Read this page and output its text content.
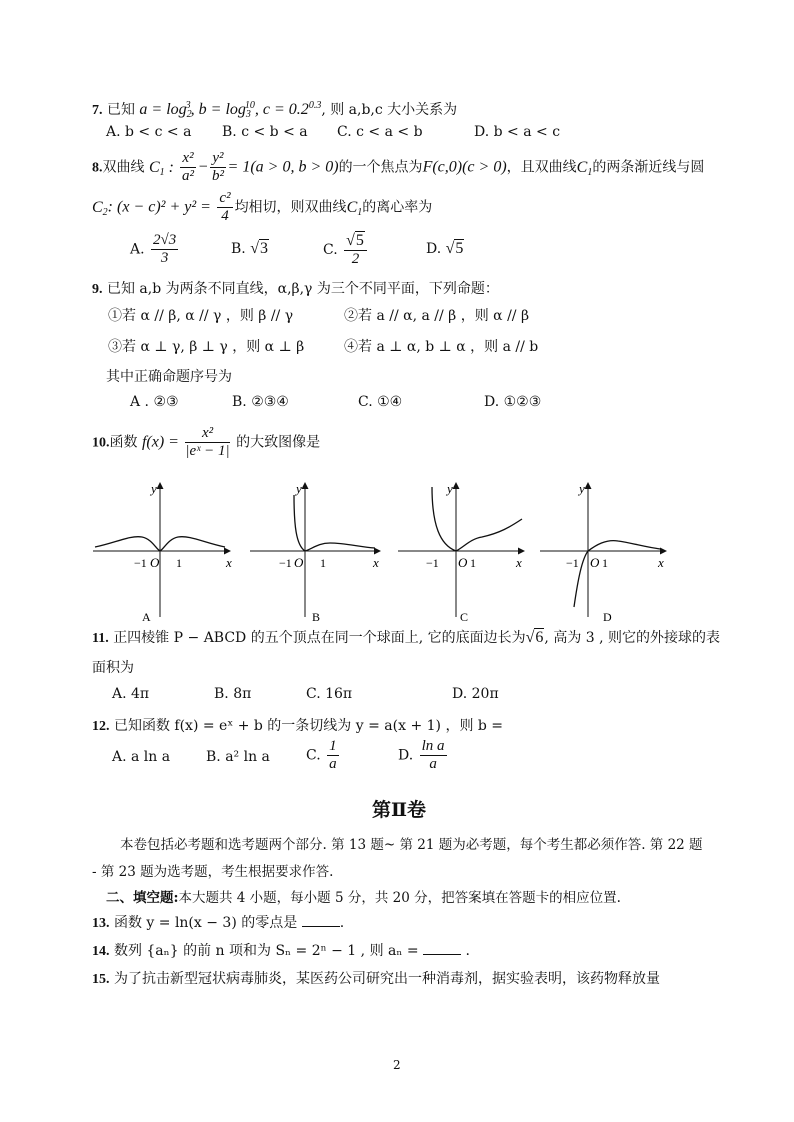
7. 已知 $a = \log_2^3$, $b = \log_3^{10}$, $c = 0.2^{0.3}$, 则 a,b,c 大小关系为
A. b < c < a B. c < b < a C. c < a < b	D. b < a < c
8.双曲线 $C_1$ : $\frac{\text{x²}}{\text{a²}} - \frac{\text{y²}}{\text{b²}} = 1(a > 0$, b > 0)的一个焦点为F(c,0)(c > 0)，且双曲线$C_1$的两条渐近线与圆
$C_2$: $(x - c)^2 + y^2 = \frac{\text{c²}}{4}$ 均相切，则双曲线$C_1$的离心率为
A. $\frac{2√3}{3}$	B. √3	C. $\frac{√5}{2}$	D. √5
9. 已知 a,b 为两条不同直线，α,β,γ 为三个不同平面，下列命题：
①若 α // β, α // γ ，则 β // γ	②若 a // α, a // β ，则 α // β
③若 α ⊥ γ, β ⊥ γ ，则 α ⊥ β	④若 a ⊥ α, b ⊥ α ，则 a // b
其中正确命题序号为
A . ②③	B. ②③④	C. ①④	D. ①②③
10.函数 $f(x) = \frac{\text{x²}}{\text{|eˣ − 1|}}$ 的大致图像是
y
x
−1 O 1
A
y
x
−1 O 1
B
y
x
−1 O 1
C
y
x
−1 O 1
D
11. 正四棱锥 P − ABCD 的五个顶点在同一个球面上, 它的底面边长为√6, 高为 3 , 则它的外接球的表
面积为
A. 4π	B. 8π	C. 16π	D. 20π
12. 已知函数 f(x) = eˣ + b 的一条切线为 y = a(x + 1) ，则 b =
A. a ln a	B. a² ln a	C. $\frac{1}{a}$	D. $\frac{\text{ln a}}{a}$
第Ⅱ卷
本卷包括必考题和选考题两个部分. 第 13 题~ 第 21 题为必考题，每个考生都必须作答. 第 22 题
- 第 23 题为选考题，考生根据要求作答.
二、填空题:本大题共 4 小题，每小题 5 分，共 20 分，把答案填在答题卡的相应位置.
13. 函数 y = ln(x − 3) 的零点是	.
14. 数列 {aₙ} 的前 n 项和为 Sₙ = 2ⁿ − 1 , 则 aₙ =	.
15. 为了抗击新型冠状病毒肺炎，某医药公司研究出一种消毒剂，据实验表明，该药物释放量
2
